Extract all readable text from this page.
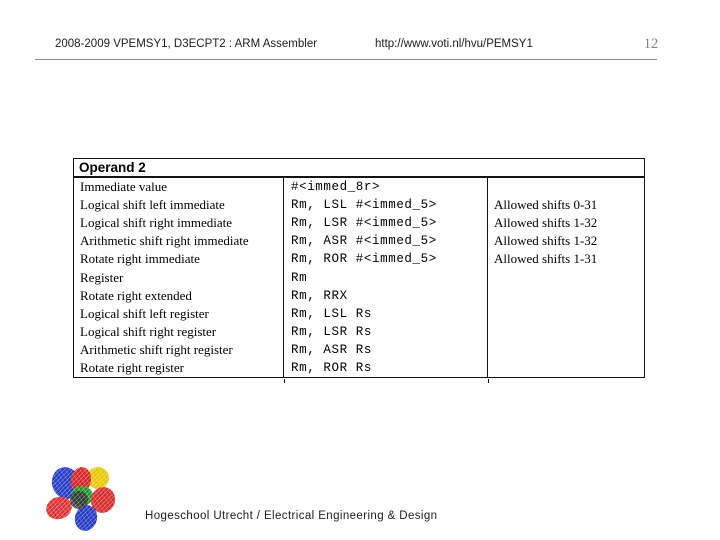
2008-2009 VPEMSY1, D3ECPT2 : ARM Assembler	http://www.voti.nl/hvu/PEMSY1	12
Operand 2
Immediate value	#<immed_8r>
Logical shift left immediate	Rm, LSL #<immed_5>	Allowed shifts 0-31
Logical shift right immediate	Rm, LSR #<immed_5>	Allowed shifts 1-32
Arithmetic shift right immediate	Rm, ASR #<immed_5>	Allowed shifts 1-32
Rotate right immediate	Rm, ROR #<immed_5>	Allowed shifts 1-31
Register	Rm
Rotate right extended	Rm, RRX
Logical shift left register	Rm, LSL Rs
Logical shift right register	Rm, LSR Rs
Arithmetic shift right register	Rm, ASR Rs
Rotate right register	Rm, ROR Rs
Hogeschool Utrecht / Electrical Engineering & Design
